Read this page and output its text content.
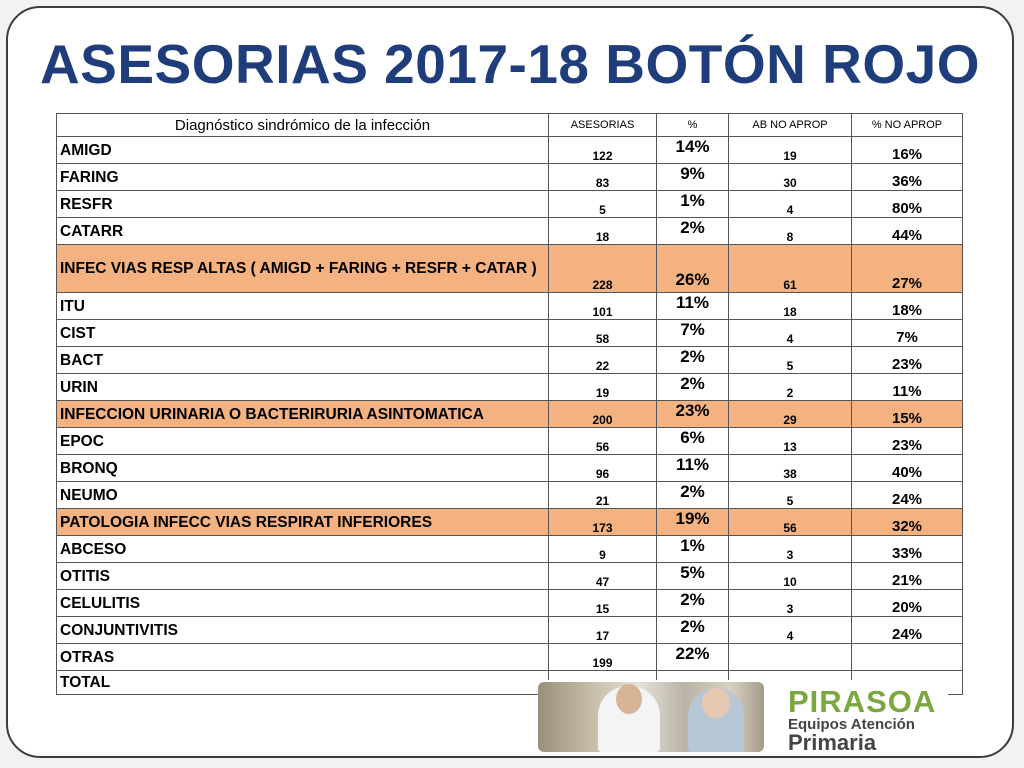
ASESORIAS 2017-18 BOTÓN ROJO
Diagnóstico sindrómico de la infección	ASESORIAS	%	AB NO APROP	% NO APROP
AMIGD	122	14%	19	16%
FARING	83	9%	30	36%
RESFR	5	1%	4	80%
CATARR	18	2%	8	44%
INFEC VIAS RESP ALTAS ( AMIGD + FARING + RESFR + CATAR )	228	26%	61	27%
ITU	101	11%	18	18%
CIST	58	7%	4	7%
BACT	22	2%	5	23%
URIN	19	2%	2	11%
INFECCION URINARIA O BACTERIRURIA ASINTOMATICA	200	23%	29	15%
EPOC	56	6%	13	23%
BRONQ	96	11%	38	40%
NEUMO	21	2%	5	24%
PATOLOGIA INFECC VIAS RESPIRAT INFERIORES	173	19%	56	32%
ABCESO	9	1%	3	33%
OTITIS	47	5%	10	21%
CELULITIS	15	2%	3	20%
CONJUNTIVITIS	17	2%	4	24%
OTRAS	199	22%		
TOTAL				
PIRASOA
Equipos Atención
Primaria
